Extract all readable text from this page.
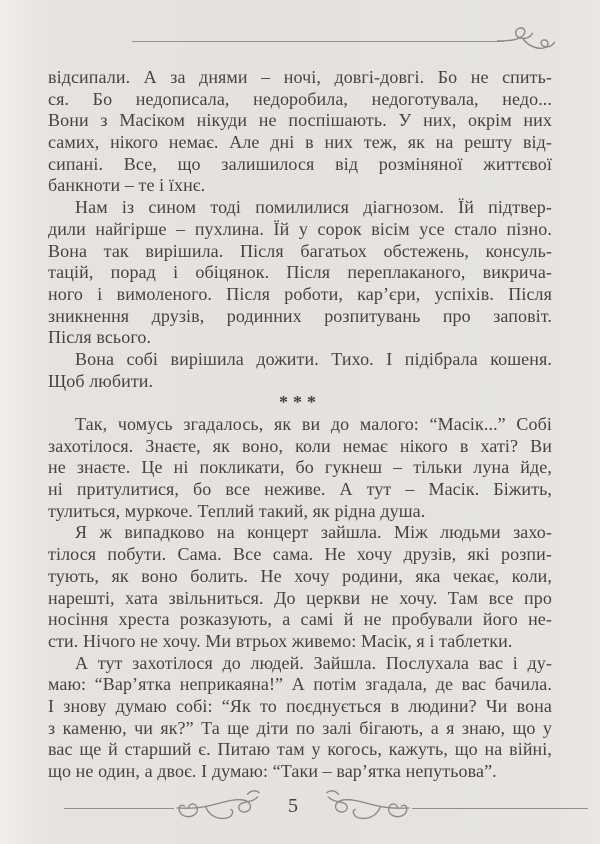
відсипали. А за днями – ночі, довгі-довгі. Бо не спить-
ся. Бо недописала, недоробила, недоготувала, недо...
Вони з Масіком нікуди не поспішають. У них, окрім них
самих, нікого немає. Але дні в них теж, як на решту від-
сипані. Все, що залишилося від розміняної життєвої
банкноти – те і їхнє.
Нам із сином тоді помилилися діагнозом. Їй підтвер-
дили найгірше – пухлина. Їй у сорок вісім усе стало пізно.
Вона так вирішила. Після багатьох обстежень, консуль-
тацій, порад і обіцянок. Після переплаканого, викрича-
ного і вимоленого. Після роботи, кар’єри, успіхів. Після
зникнення друзів, родинних розпитувань про заповіт.
Після всього.
Вона собі вирішила дожити. Тихо. І підібрала кошеня.
Щоб любити.
***
Так, чомусь згадалось, як ви до малого: “Масік...” Собі
захотілося. Знаєте, як воно, коли немає нікого в хаті? Ви
не знаєте. Це ні покликати, бо гукнеш – тільки луна йде,
ні притулитися, бо все неживе. А тут – Масік. Біжить,
тулиться, муркоче. Теплий такий, як рідна душа.
Я ж випадково на концерт зайшла. Між людьми захо-
тілося побути. Сама. Все сама. Не хочу друзів, які розпи-
тують, як воно болить. Не хочу родини, яка чекає, коли,
нарешті, хата звільниться. До церкви не хочу. Там все про
носіння хреста розказують, а самі й не пробували його не-
сти. Нічого не хочу. Ми втрьох живемо: Масік, я і таблетки.
А тут захотілося до людей. Зайшла. Послухала вас і ду-
маю: “Вар’ятка неприкаяна!” А потім згадала, де вас бачила.
І знову думаю собі: “Як то поєднується в людини? Чи вона
з каменю, чи як?” Та ще діти по залі бігають, а я знаю, що у
вас ще й старший є. Питаю там у когось, кажуть, що на війні,
що не один, а двоє. І думаю: “Таки – вар’ятка непутьова”.
5
